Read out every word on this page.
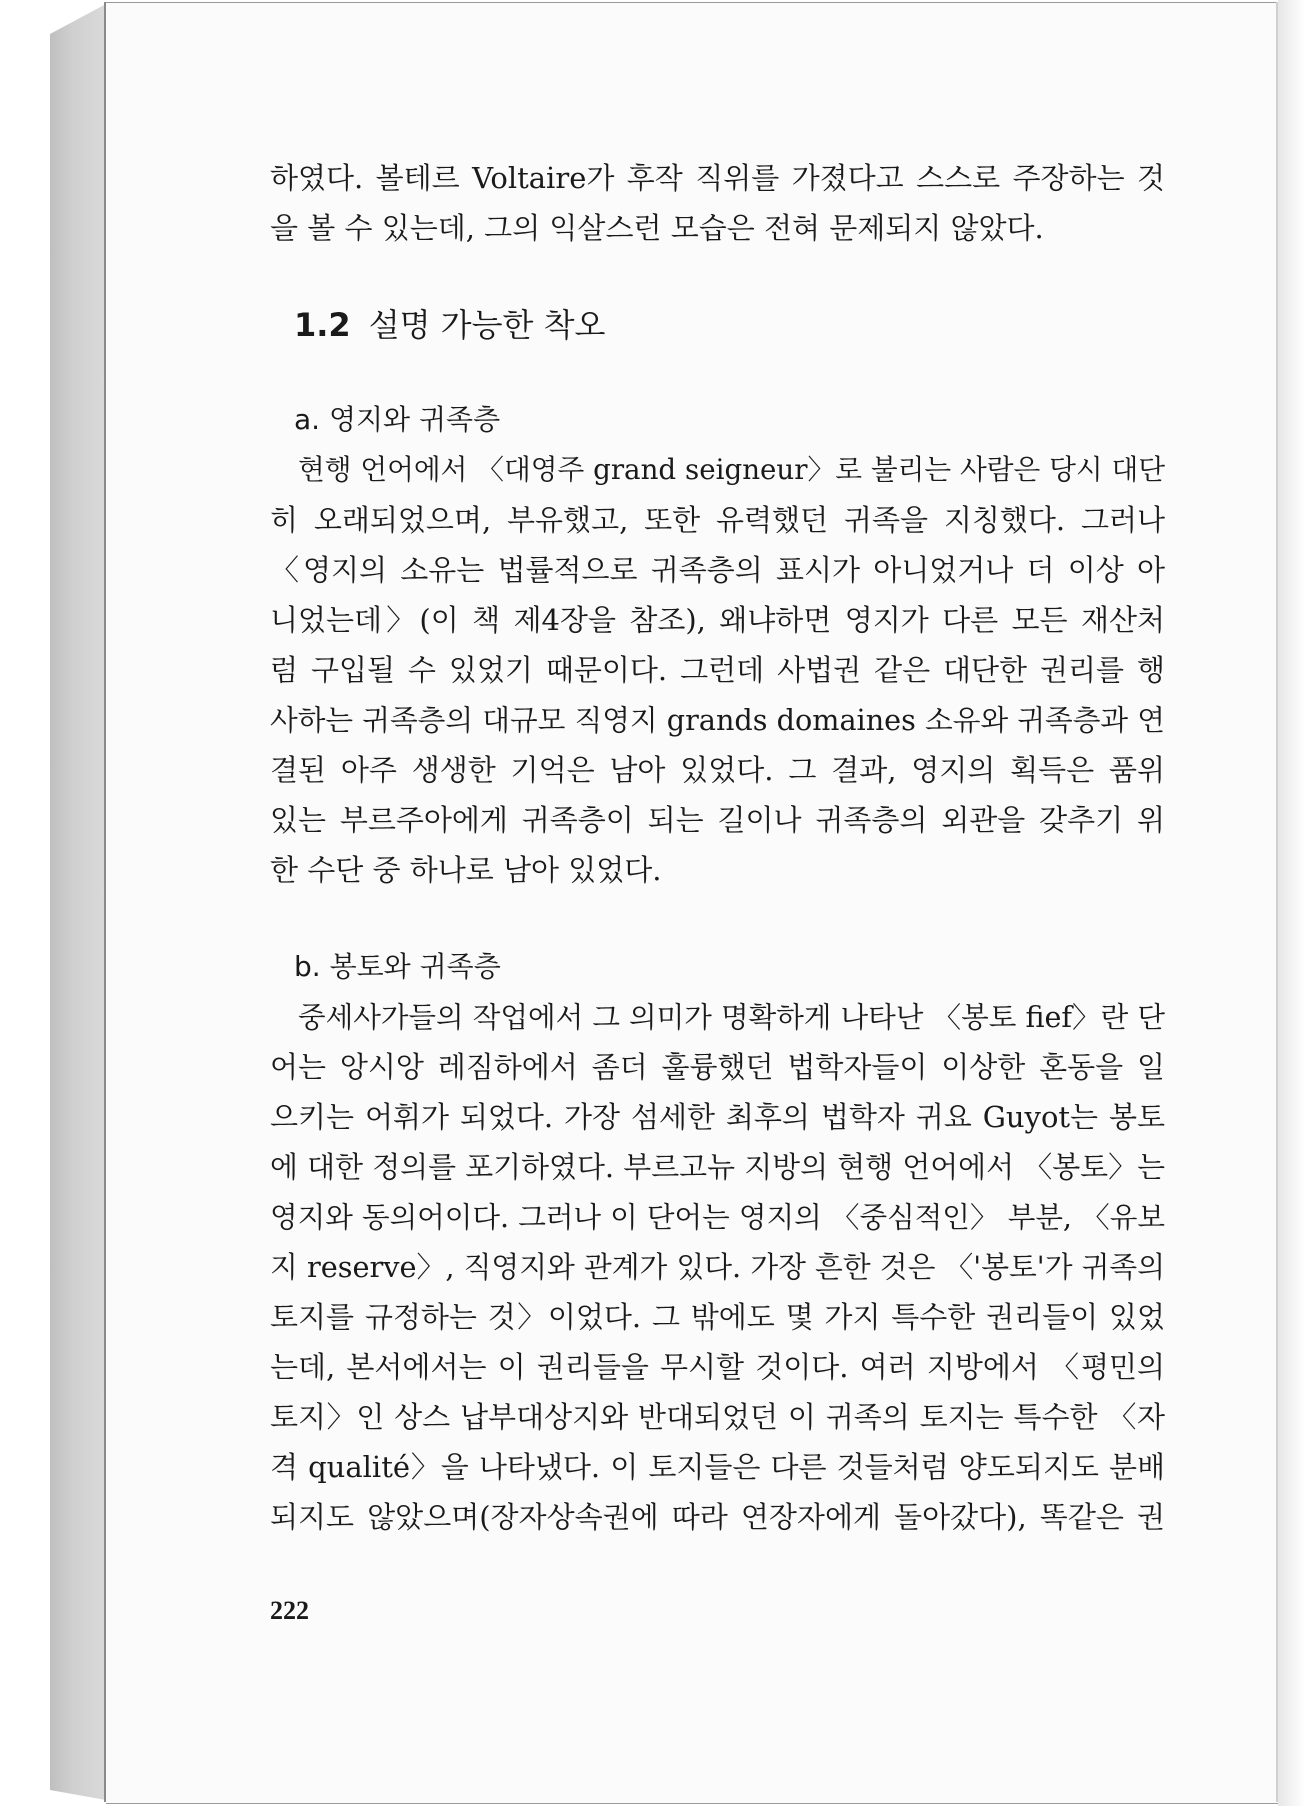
하였다. 볼테르 Voltaire가 후작 직위를 가졌다고 스스로 주장하는 것
을 볼 수 있는데, 그의 익살스런 모습은 전혀 문제되지 않았다.
1.2 설명 가능한 착오
a. 영지와 귀족층
현행 언어에서 〈대영주 grand seigneur〉로 불리는 사람은 당시 대단
히 오래되었으며, 부유했고, 또한 유력했던 귀족을 지칭했다. 그러나
〈영지의 소유는 법률적으로 귀족층의 표시가 아니었거나 더 이상 아
니었는데〉(이 책 제4장을 참조), 왜냐하면 영지가 다른 모든 재산처
럼 구입될 수 있었기 때문이다. 그런데 사법권 같은 대단한 권리를 행
사하는 귀족층의 대규모 직영지 grands domaines 소유와 귀족층과 연
결된 아주 생생한 기억은 남아 있었다. 그 결과, 영지의 획득은 품위
있는 부르주아에게 귀족층이 되는 길이나 귀족층의 외관을 갖추기 위
한 수단 중 하나로 남아 있었다.
b. 봉토와 귀족층
중세사가들의 작업에서 그 의미가 명확하게 나타난 〈봉토 fief〉란 단
어는 앙시앙 레짐하에서 좀더 훌륭했던 법학자들이 이상한 혼동을 일
으키는 어휘가 되었다. 가장 섬세한 최후의 법학자 귀요 Guyot는 봉토
에 대한 정의를 포기하였다. 부르고뉴 지방의 현행 언어에서 〈봉토〉는
영지와 동의어이다. 그러나 이 단어는 영지의 〈중심적인〉 부분, 〈유보
지 reserve〉, 직영지와 관계가 있다. 가장 흔한 것은 〈'봉토'가 귀족의
토지를 규정하는 것〉이었다. 그 밖에도 몇 가지 특수한 권리들이 있었
는데, 본서에서는 이 권리들을 무시할 것이다. 여러 지방에서 〈평민의
토지〉인 상스 납부대상지와 반대되었던 이 귀족의 토지는 특수한 〈자
격 qualité〉을 나타냈다. 이 토지들은 다른 것들처럼 양도되지도 분배
되지도 않았으며(장자상속권에 따라 연장자에게 돌아갔다), 똑같은 권
222
